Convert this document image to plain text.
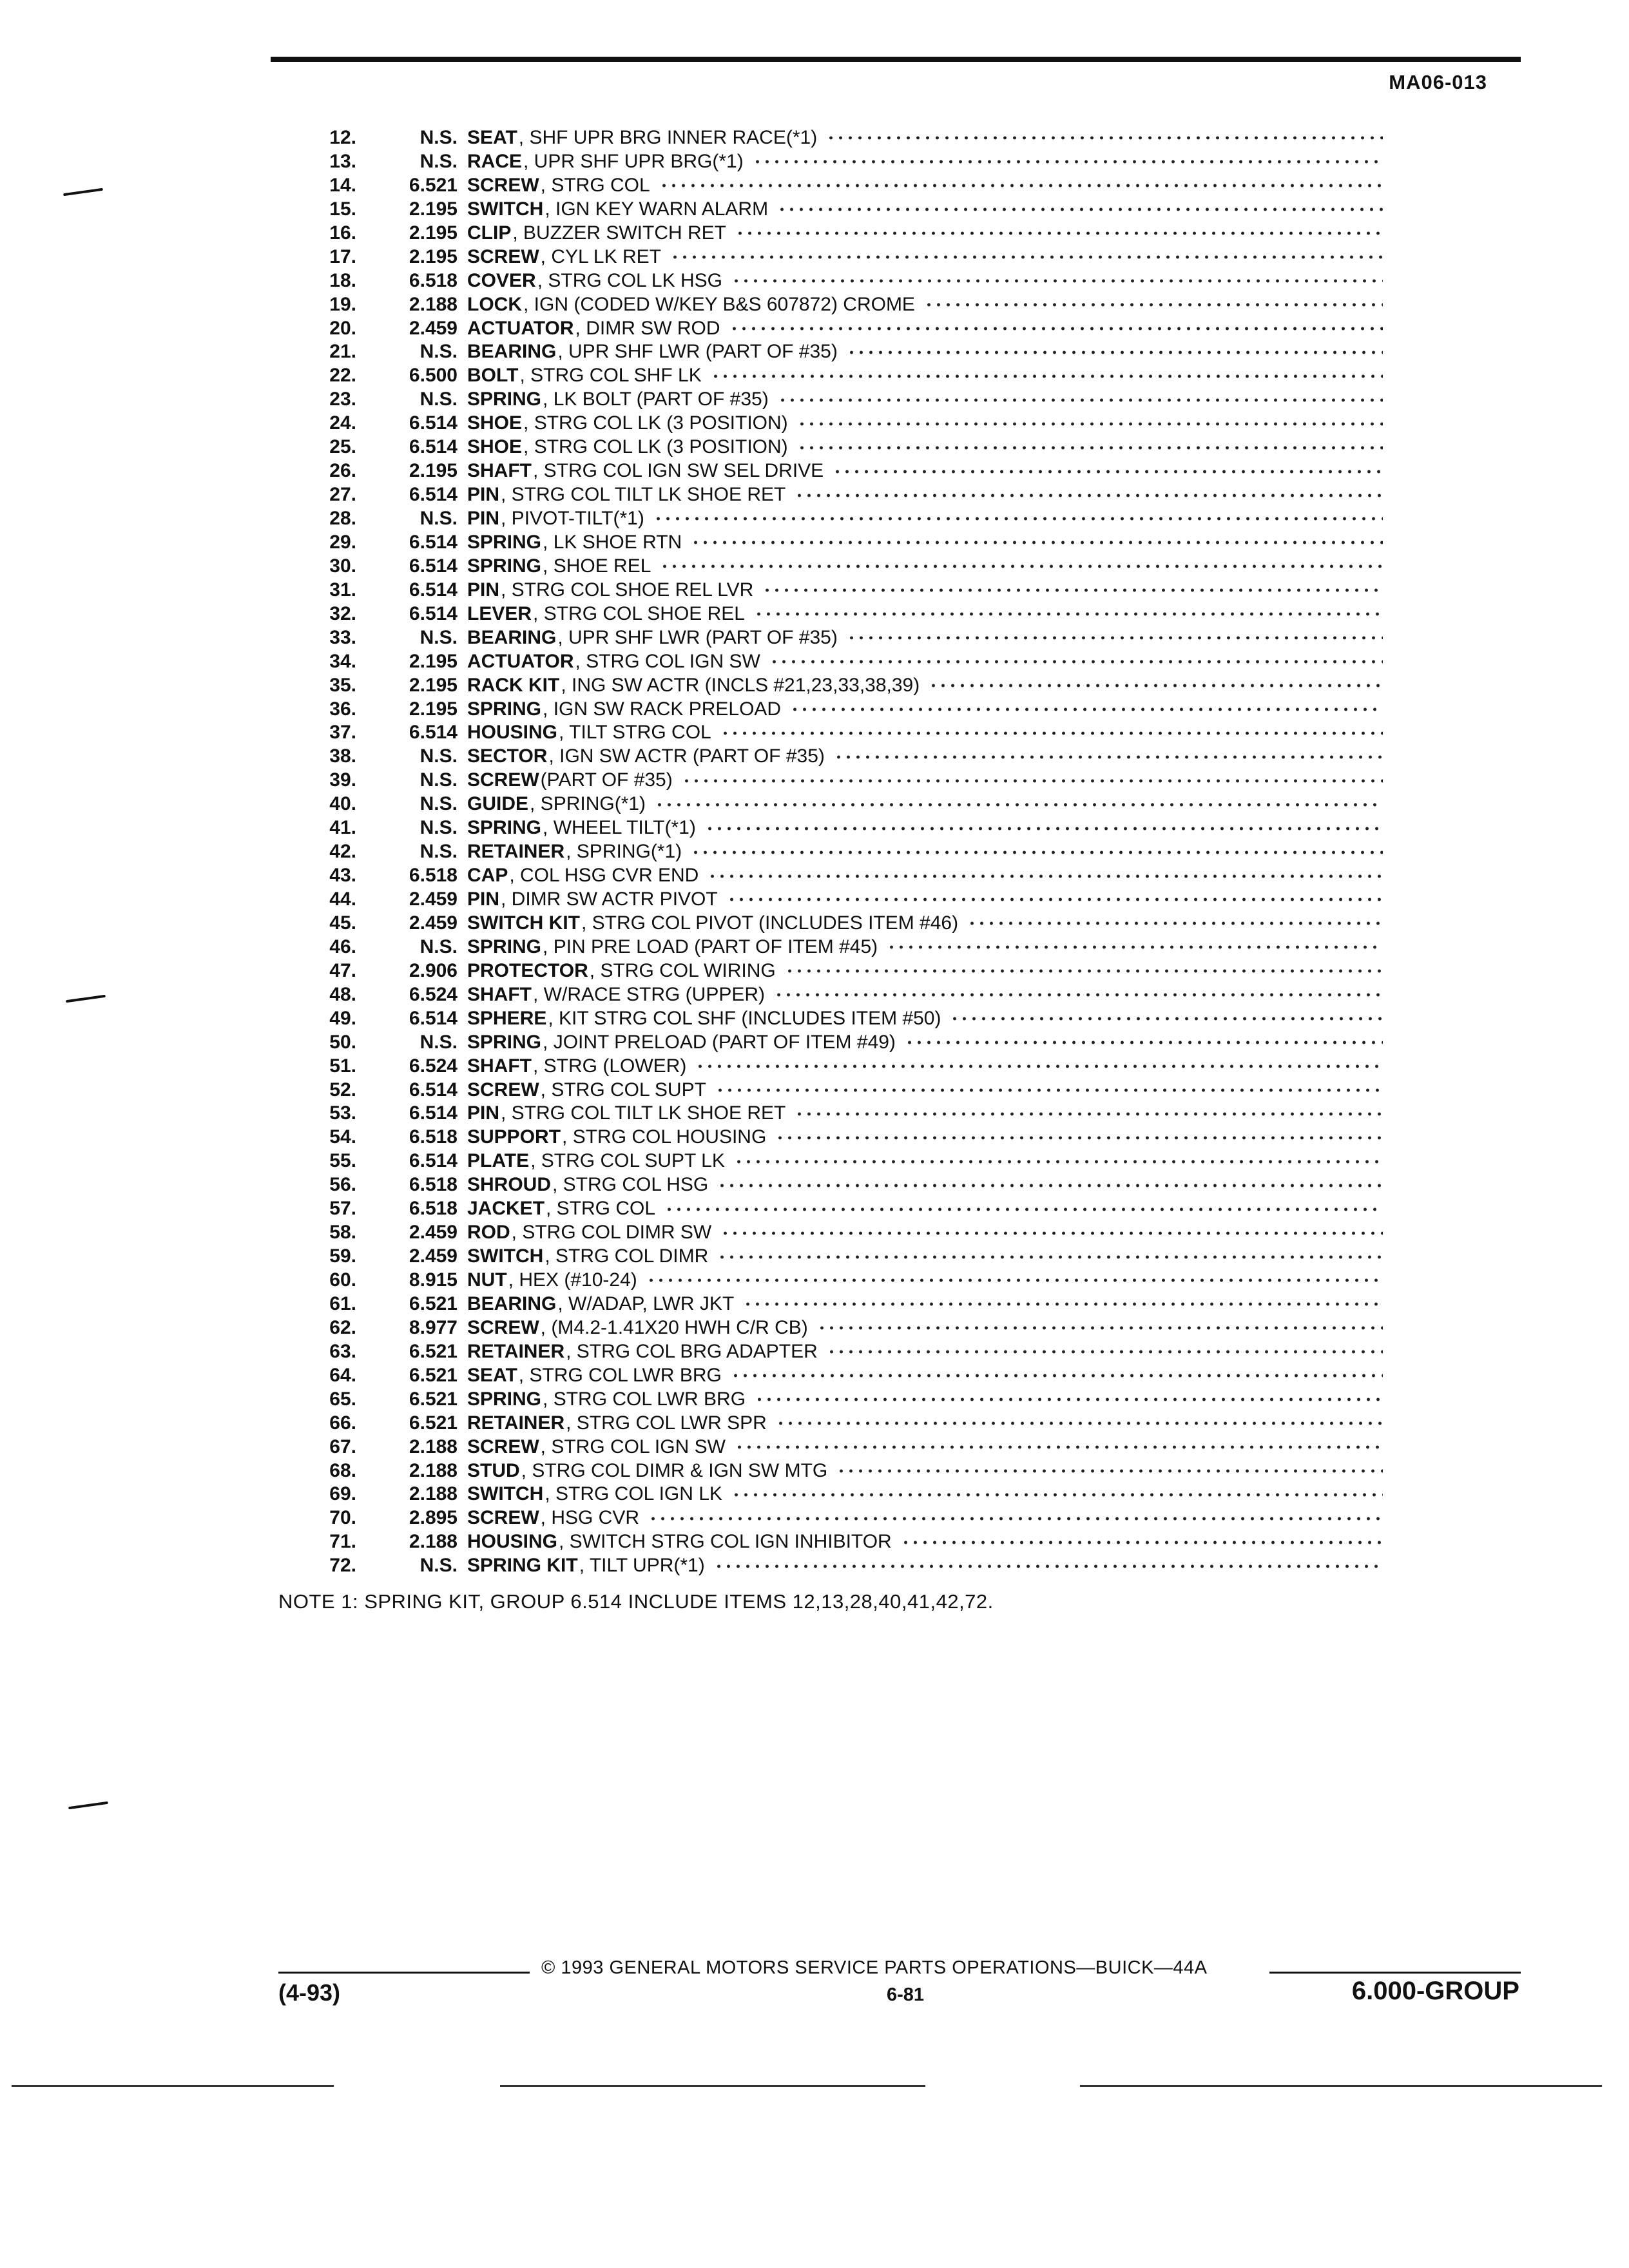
MA06-013
12.	N.S. SEAT , SHF UPR BRG INNER RACE(*1)
13.	N.S. RACE , UPR SHF UPR BRG(*1)
14.	6.521 SCREW , STRG COL
15.	2.195 SWITCH , IGN KEY WARN ALARM
16.	2.195 CLIP , BUZZER SWITCH RET
17.	2.195 SCREW , CYL LK RET
18.	6.518 COVER , STRG COL LK HSG
19.	2.188 LOCK , IGN (CODED W/KEY B&S 607872) CROME
20.	2.459 ACTUATOR , DIMR SW ROD
21.	N.S. BEARING , UPR SHF LWR (PART OF #35)
22.	6.500 BOLT , STRG COL SHF LK
23.	N.S. SPRING , LK BOLT (PART OF #35)
24.	6.514 SHOE , STRG COL LK (3 POSITION)
25.	6.514 SHOE , STRG COL LK (3 POSITION)
26.	2.195 SHAFT , STRG COL IGN SW SEL DRIVE
27.	6.514 PIN , STRG COL TILT LK SHOE RET
28.	N.S. PIN , PIVOT-TILT(*1)
29.	6.514 SPRING , LK SHOE RTN
30.	6.514 SPRING , SHOE REL
31.	6.514 PIN , STRG COL SHOE REL LVR
32.	6.514 LEVER , STRG COL SHOE REL
33.	N.S. BEARING , UPR SHF LWR (PART OF #35)
34.	2.195 ACTUATOR , STRG COL IGN SW
35.	2.195 RACK KIT , ING SW ACTR (INCLS #21,23,33,38,39)
36.	2.195 SPRING , IGN SW RACK PRELOAD
37.	6.514 HOUSING , TILT STRG COL
38.	N.S. SECTOR , IGN SW ACTR (PART OF #35)
39.	N.S. SCREW (PART OF #35)
40.	N.S. GUIDE , SPRING(*1)
41.	N.S. SPRING , WHEEL TILT(*1)
42.	N.S. RETAINER , SPRING(*1)
43.	6.518 CAP , COL HSG CVR END
44.	2.459 PIN , DIMR SW ACTR PIVOT
45.	2.459 SWITCH KIT , STRG COL PIVOT (INCLUDES ITEM #46)
46.	N.S. SPRING , PIN PRE LOAD (PART OF ITEM #45)
47.	2.906 PROTECTOR , STRG COL WIRING
48.	6.524 SHAFT , W/RACE STRG (UPPER)
49.	6.514 SPHERE , KIT STRG COL SHF (INCLUDES ITEM #50)
50.	N.S. SPRING , JOINT PRELOAD (PART OF ITEM #49)
51.	6.524 SHAFT , STRG (LOWER)
52.	6.514 SCREW , STRG COL SUPT
53.	6.514 PIN , STRG COL TILT LK SHOE RET
54.	6.518 SUPPORT , STRG COL HOUSING
55.	6.514 PLATE , STRG COL SUPT LK
56.	6.518 SHROUD , STRG COL HSG
57.	6.518 JACKET , STRG COL
58.	2.459 ROD , STRG COL DIMR SW
59.	2.459 SWITCH , STRG COL DIMR
60.	8.915 NUT , HEX (#10-24)
61.	6.521 BEARING , W/ADAP, LWR JKT
62.	8.977 SCREW , (M4.2-1.41X20 HWH C/R CB)
63.	6.521 RETAINER , STRG COL BRG ADAPTER
64.	6.521 SEAT , STRG COL LWR BRG
65.	6.521 SPRING , STRG COL LWR BRG
66.	6.521 RETAINER , STRG COL LWR SPR
67.	2.188 SCREW , STRG COL IGN SW
68.	2.188 STUD , STRG COL DIMR & IGN SW MTG
69.	2.188 SWITCH , STRG COL IGN LK
70.	2.895 SCREW , HSG CVR
71.	2.188 HOUSING , SWITCH STRG COL IGN INHIBITOR
72.	N.S. SPRING KIT , TILT UPR(*1)
NOTE 1: SPRING KIT, GROUP 6.514 INCLUDE ITEMS 12,13,28,40,41,42,72.
© 1993 GENERAL MOTORS SERVICE PARTS OPERATIONS—BUICK—44A
(4-93)	6-81	6.000-GROUP
